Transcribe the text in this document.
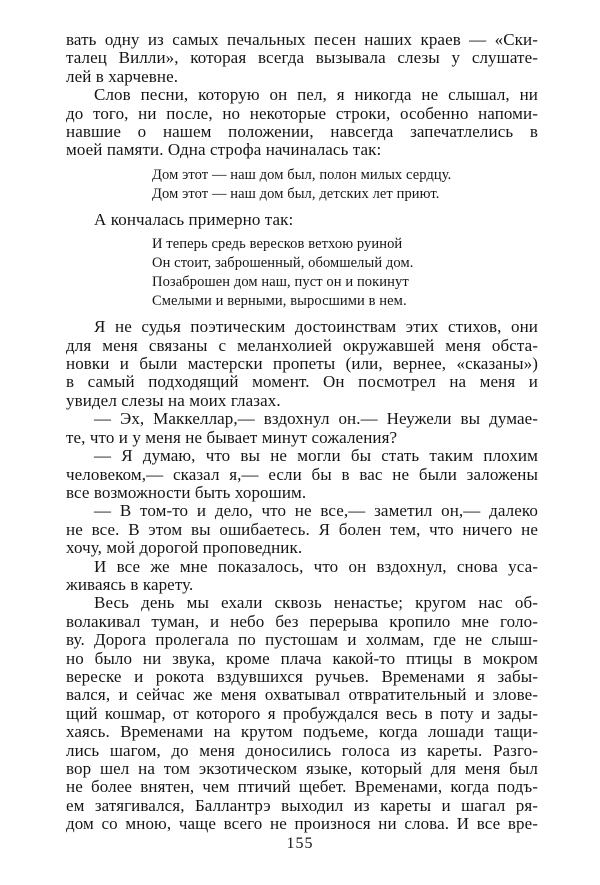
вать одну из самых печальных песен наших краев — «Ски-
талец Вилли», которая всегда вызывала слезы у слушате-
лей в харчевне.
Слов песни, которую он пел, я никогда не слышал, ни
до того, ни после, но некоторые строки, особенно напоми-
навшие о нашем положении, навсегда запечатлелись в
моей памяти. Одна строфа начиналась так:
Дом этот — наш дом был, полон милых сердцу.
Дом этот — наш дом был, детских лет приют.
А кончалась примерно так:
И теперь средь вересков ветхою руиной
Он стоит, заброшенный, обомшелый дом.
Позаброшен дом наш, пуст он и покинут
Смелыми и верными, выросшими в нем.
Я не судья поэтическим достоинствам этих стихов, они
для меня связаны с меланхолией окружавшей меня обста-
новки и были мастерски пропеты (или, вернее, «сказаны»)
в самый подходящий момент. Он посмотрел на меня и
увидел слезы на моих глазах.
— Эх, Маккеллар,— вздохнул он.— Неужели вы думае-
те, что и у меня не бывает минут сожаления?
— Я думаю, что вы не могли бы стать таким плохим
человеком,— сказал я,— если бы в вас не были заложены
все возможности быть хорошим.
— В том-то и дело, что не все,— заметил он,— далеко
не все. В этом вы ошибаетесь. Я болен тем, что ничего не
хочу, мой дорогой проповедник.
И все же мне показалось, что он вздохнул, снова уса-
живаясь в карету.
Весь день мы ехали сквозь ненастье; кругом нас об-
волакивал туман, и небо без перерыва кропило мне голо-
ву. Дорога пролегала по пустошам и холмам, где не слыш-
но было ни звука, кроме плача какой-то птицы в мокром
вереске и рокота вздувшихся ручьев. Временами я забы-
вался, и сейчас же меня охватывал отвратительный и злове-
щий кошмар, от которого я пробуждался весь в поту и зады-
хаясь. Временами на крутом подъеме, когда лошади тащи-
лись шагом, до меня доносились голоса из кареты. Разго-
вор шел на том экзотическом языке, который для меня был
не более внятен, чем птичий щебет. Временами, когда подъ-
ем затягивался, Баллантрэ выходил из кареты и шагал ря-
дом со мною, чаще всего не произнося ни слова. И все вре-
155
